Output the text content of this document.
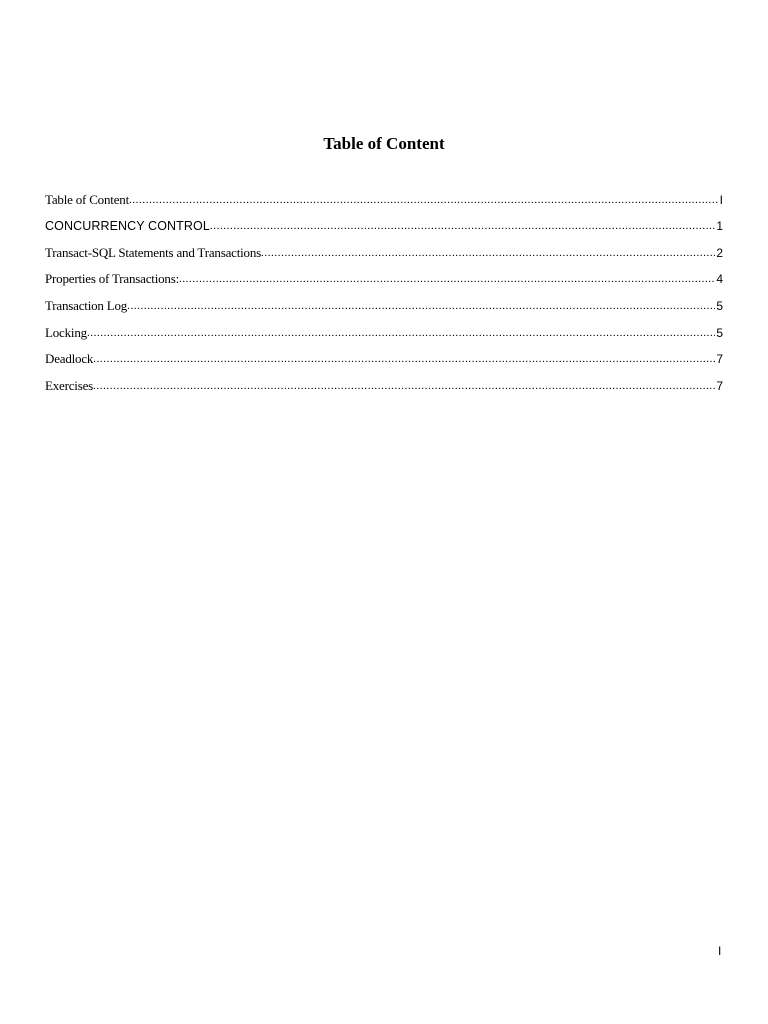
Table of Content
Table of Content .....	I
CONCURRENCY CONTROL .....	1
Transact-SQL Statements and Transactions .....	2
Properties of Transactions: .....	4
Transaction Log .....	5
Locking .....	5
Deadlock .....	7
Exercises .....	7
I
